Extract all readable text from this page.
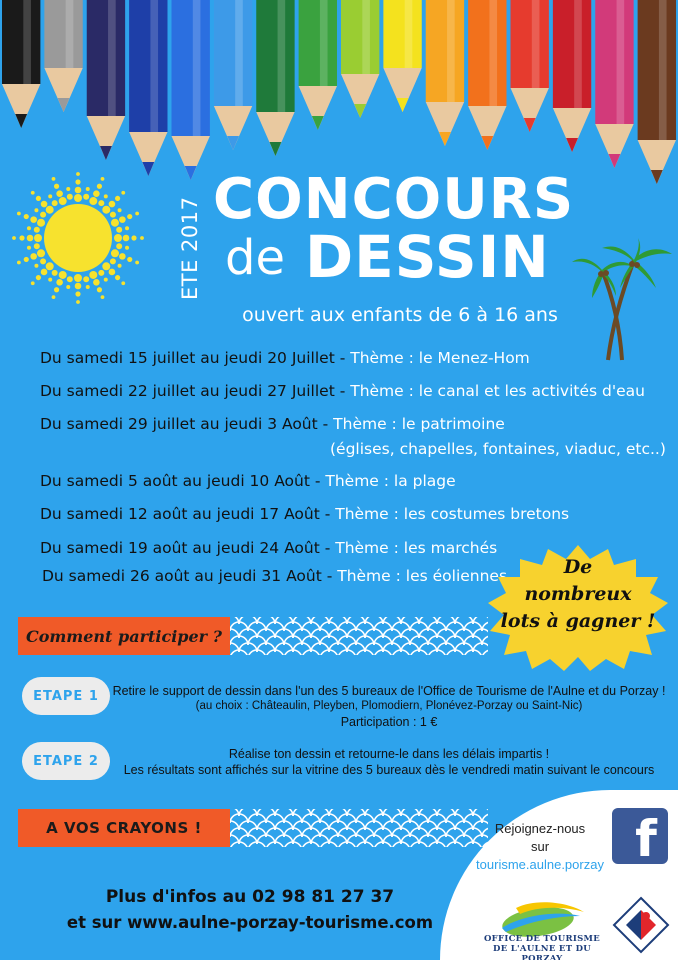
ETE 2017 CONCOURS
de DESSIN
ouvert aux enfants de 6 à 16 ans
Du samedi 15 juillet au jeudi 20 Juillet - Thème : le Menez-Hom
Du samedi 22 juillet au jeudi 27 Juillet - Thème : le canal et les activités d'eau
Du samedi 29 juillet au jeudi 3 Août - Thème : le patrimoine
(églises, chapelles, fontaines, viaduc, etc..)
Du samedi 5 août au jeudi 10 Août - Thème : la plage
Du samedi 12 août au jeudi 17 Août - Thème : les costumes bretons
Du samedi 19 août au jeudi 24 Août - Thème : les marchés
Du samedi 26 août au jeudi 31 Août - Thème : les éoliennes	De
nombreux
lots à gagner !
Comment participer ?
ETAPE 1	Retire le support de dessin dans l'un des 5 bureaux de l'Office de Tourisme de l'Aulne et du Porzay !
(au choix : Châteaulin, Pleyben, Plomodiern, Plonévez-Porzay ou Saint-Nic)
Participation : 1 €
ETAPE 2	Réalise ton dessin et retourne-le dans les délais impartis !
Les résultats sont affichés sur la vitrine des 5 bureaux dès le vendredi matin suivant le concours
A VOS CRAYONS !	Rejoignez-nous
sur
tourisme.aulne.porzay f
OFFICE DE TOURISME
DE L'AULNE ET DU PORZAY
Plus d'infos au 02 98 81 27 37
et sur www.aulne-porzay-tourisme.com
